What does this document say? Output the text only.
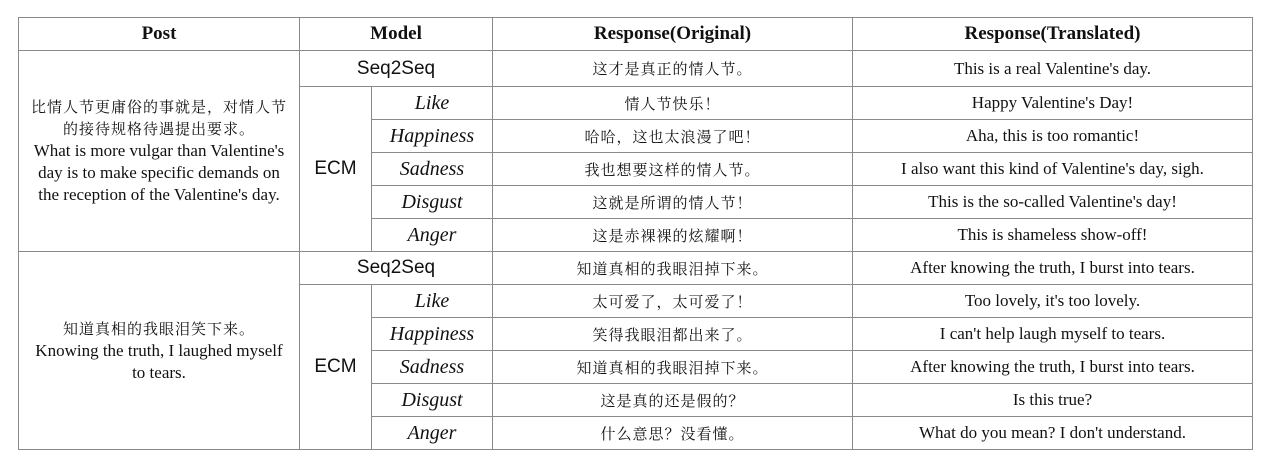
Post	Model		Response(Original)	Response(Translated)

比情人节更庸俗的事就是，对情人节的接待规格待遇提出要求。
What is more vulgar than Valentine's day is to make specific demands on the reception of the Valentine's day.	Seq2Seq		这才是真正的情人节。	This is a real Valentine's day.
	ECM	Like	情人节快乐！	Happy Valentine's Day!
		Happiness	哈哈，这也太浪漫了吧！	Aha, this is too romantic!
		Sadness	我也想要这样的情人节。	I also want this kind of Valentine's day, sigh.
		Disgust	这就是所谓的情人节！	This is the so-called Valentine's day!
		Anger	这是赤裸裸的炫耀啊！	This is shameless show-off!

知道真相的我眼泪笑下来。
Knowing the truth, I laughed myself to tears.	Seq2Seq		知道真相的我眼泪掉下来。	After knowing the truth, I burst into tears.
	ECM	Like	太可爱了，太可爱了！	Too lovely, it's too lovely.
		Happiness	笑得我眼泪都出来了。	I can't help laugh myself to tears.
		Sadness	知道真相的我眼泪掉下来。	After knowing the truth, I burst into tears.
		Disgust	这是真的还是假的？	Is this true?
		Anger	什么意思？没看懂。	What do you mean? I don't understand.
